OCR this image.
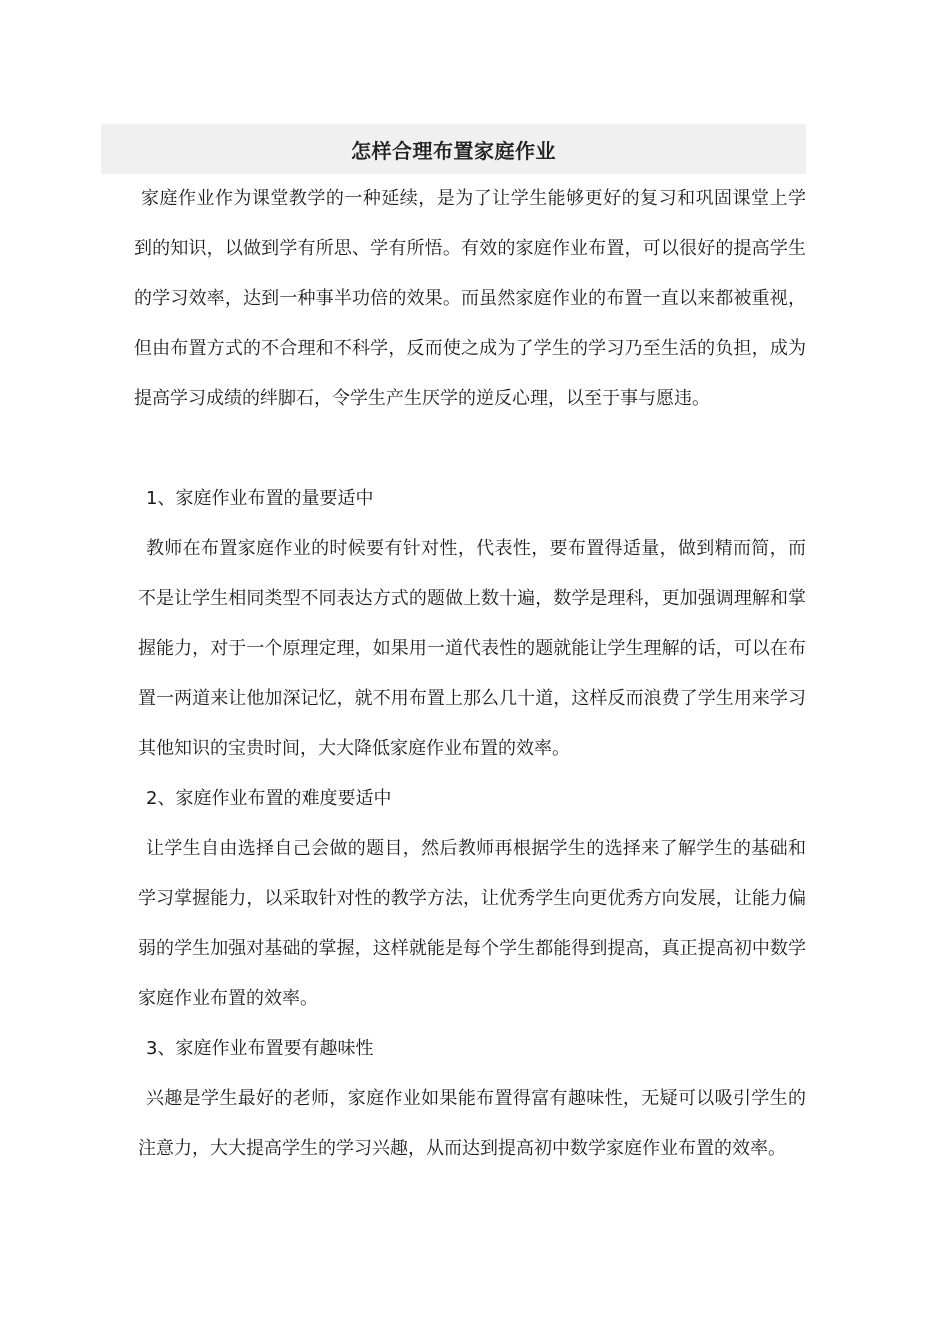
怎样合理布置家庭作业

家庭作业作为课堂教学的一种延续，是为了让学生能够更好的复习和巩固课堂上学到的知识，以做到学有所思、学有所悟。有效的家庭作业布置，可以很好的提高学生的学习效率，达到一种事半功倍的效果。而虽然家庭作业的布置一直以来都被重视，但由布置方式的不合理和不科学，反而使之成为了学生的学习乃至生活的负担，成为提高学习成绩的绊脚石，令学生产生厌学的逆反心理，以至于事与愿违。

1、家庭作业布置的量要适中

教师在布置家庭作业的时候要有针对性，代表性，要布置得适量，做到精而简，而不是让学生相同类型不同表达方式的题做上数十遍，数学是理科，更加强调理解和掌握能力，对于一个原理定理，如果用一道代表性的题就能让学生理解的话，可以在布置一两道来让他加深记忆，就不用布置上那么几十道，这样反而浪费了学生用来学习其他知识的宝贵时间，大大降低家庭作业布置的效率。

2、家庭作业布置的难度要适中

让学生自由选择自己会做的题目，然后教师再根据学生的选择来了解学生的基础和学习掌握能力，以采取针对性的教学方法，让优秀学生向更优秀方向发展，让能力偏弱的学生加强对基础的掌握，这样就能是每个学生都能得到提高，真正提高初中数学家庭作业布置的效率。

3、家庭作业布置要有趣味性

兴趣是学生最好的老师，家庭作业如果能布置得富有趣味性，无疑可以吸引学生的注意力，大大提高学生的学习兴趣，从而达到提高初中数学家庭作业布置的效率。
